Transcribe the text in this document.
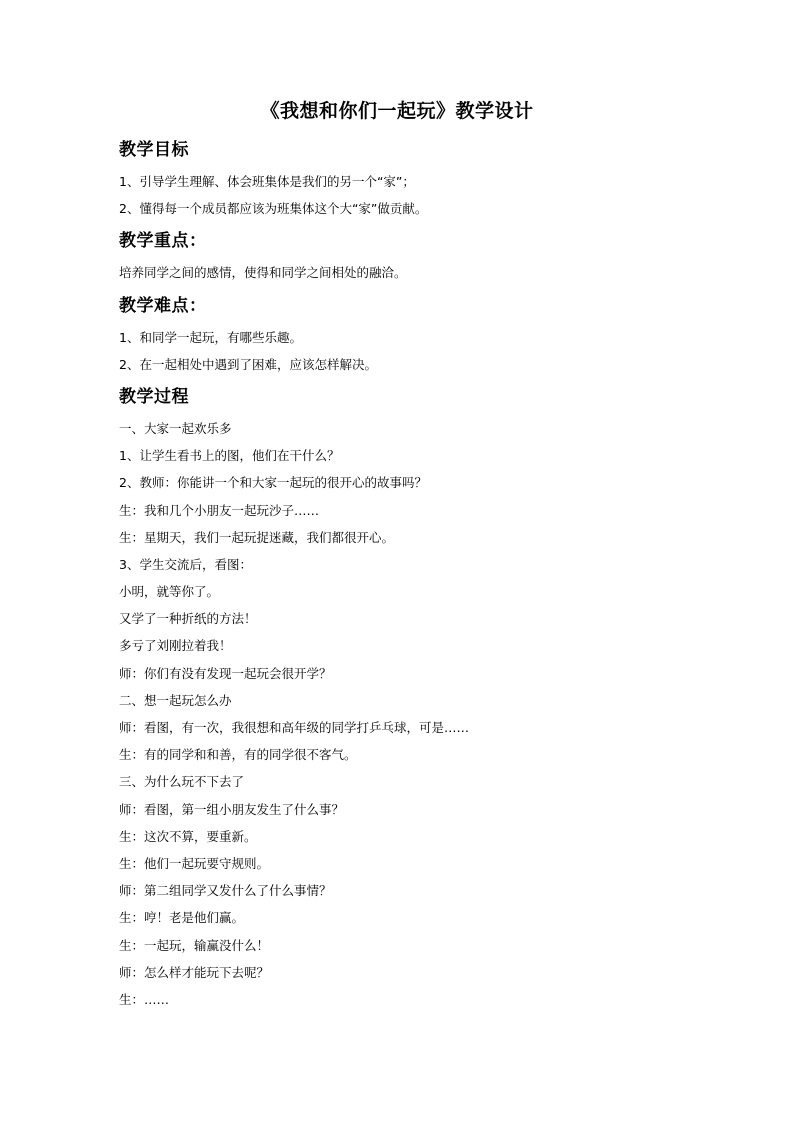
《我想和你们一起玩》教学设计
教学目标

1、引导学生理解、体会班集体是我们的另一个“家”；

2、懂得每一个成员都应该为班集体这个大“家”做贡献。

教学重点：

培养同学之间的感情，使得和同学之间相处的融洽。

教学难点：

1、和同学一起玩，有哪些乐趣。

2、在一起相处中遇到了困难，应该怎样解决。

教学过程

一、大家一起欢乐多

1、让学生看书上的图，他们在干什么？

2、教师：你能讲一个和大家一起玩的很开心的故事吗？

生：我和几个小朋友一起玩沙子……

生：星期天，我们一起玩捉迷藏，我们都很开心。

3、学生交流后，看图：

小明，就等你了。

又学了一种折纸的方法！

多亏了刘刚拉着我！

师：你们有没有发现一起玩会很开学？

二、想一起玩怎么办

师：看图，有一次，我很想和高年级的同学打乒乓球，可是……

生：有的同学和和善，有的同学很不客气。

三、为什么玩不下去了

师：看图，第一组小朋友发生了什么事？

生：这次不算，要重新。

生：他们一起玩要守规则。

师：第二组同学又发什么了什么事情？

生：哼！老是他们赢。

生：一起玩，输赢没什么！

师：怎么样才能玩下去呢？

生：……
